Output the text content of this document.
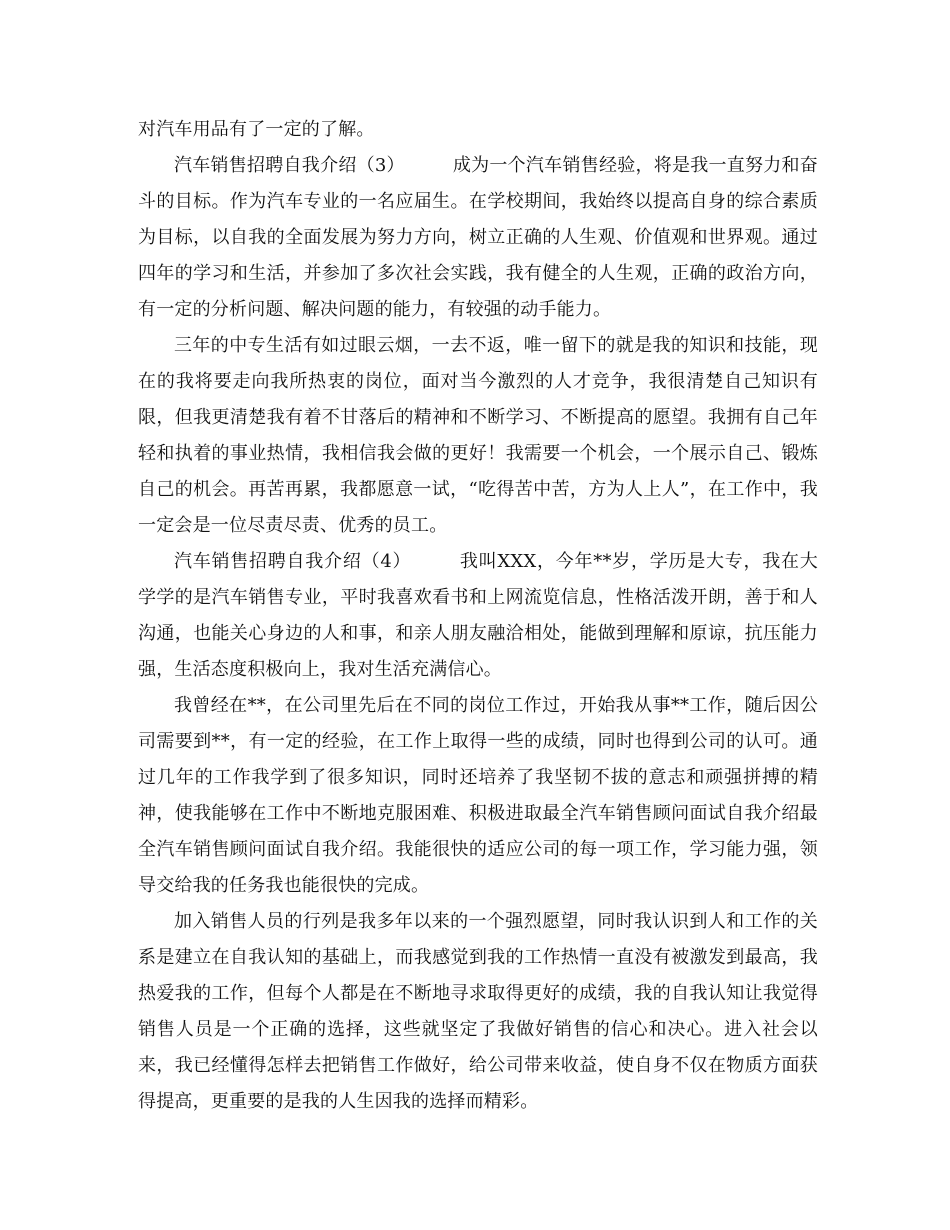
对汽车用品有了一定的了解。

汽车销售招聘自我介绍（3）	成为一个汽车销售经验，将是我一直努力和奋斗的目标。作为汽车专业的一名应届生。在学校期间，我始终以提高自身的综合素质为目标，以自我的全面发展为努力方向，树立正确的人生观、价值观和世界观。通过四年的学习和生活，并参加了多次社会实践，我有健全的人生观，正确的政治方向，有一定的分析问题、解决问题的能力，有较强的动手能力。

三年的中专生活有如过眼云烟，一去不返，唯一留下的就是我的知识和技能，现在的我将要走向我所热衷的岗位，面对当今激烈的人才竞争，我很清楚自己知识有限，但我更清楚我有着不甘落后的精神和不断学习、不断提高的愿望。我拥有自己年轻和执着的事业热情，我相信我会做的更好！我需要一个机会，一个展示自己、锻炼自己的机会。再苦再累，我都愿意一试，“吃得苦中苦，方为人上人”，在工作中，我一定会是一位尽责尽责、优秀的员工。

汽车销售招聘自我介绍（4）	我叫XXX，今年**岁，学历是大专，我在大学学的是汽车销售专业，平时我喜欢看书和上网流览信息，性格活泼开朗，善于和人沟通，也能关心身边的人和事，和亲人朋友融洽相处，能做到理解和原谅，抗压能力强，生活态度积极向上，我对生活充满信心。

我曾经在**，在公司里先后在不同的岗位工作过，开始我从事**工作，随后因公司需要到**，有一定的经验，在工作上取得一些的成绩，同时也得到公司的认可。通过几年的工作我学到了很多知识，同时还培养了我坚韧不拔的意志和顽强拼搏的精神，使我能够在工作中不断地克服困难、积极进取最全汽车销售顾问面试自我介绍最全汽车销售顾问面试自我介绍。我能很快的适应公司的每一项工作，学习能力强，领导交给我的任务我也能很快的完成。

加入销售人员的行列是我多年以来的一个强烈愿望，同时我认识到人和工作的关系是建立在自我认知的基础上，而我感觉到我的工作热情一直没有被激发到最高，我热爱我的工作，但每个人都是在不断地寻求取得更好的成绩，我的自我认知让我觉得销售人员是一个正确的选择，这些就坚定了我做好销售的信心和决心。进入社会以来，我已经懂得怎样去把销售工作做好，给公司带来收益，使自身不仅在物质方面获得提高，更重要的是我的人生因我的选择而精彩。
